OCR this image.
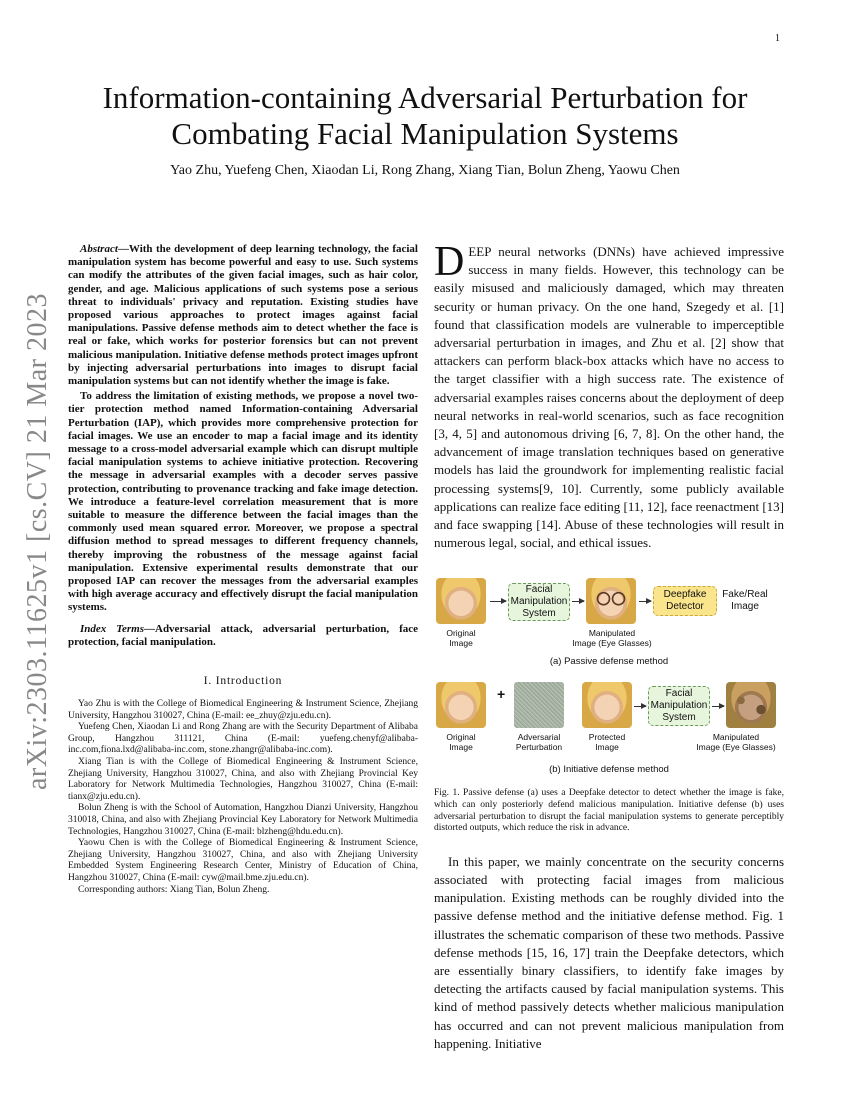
1
arXiv:2303.11625v1 [cs.CV] 21 Mar 2023
Information-containing Adversarial Perturbation for
Combating Facial Manipulation Systems
Yao Zhu, Yuefeng Chen, Xiaodan Li, Rong Zhang, Xiang Tian, Bolun Zheng, Yaowu Chen

Abstract—With the development of deep learning technology, the facial manipulation system has become powerful and easy to use. Such systems can modify the attributes of the given facial images, such as hair color, gender, and age. Malicious applications of such systems pose a serious threat to individuals' privacy and reputation. Existing studies have proposed various approaches to protect images against facial manipulations. Passive defense methods aim to detect whether the face is real or fake, which works for posterior forensics but can not prevent malicious manipulation. Initiative defense methods protect images upfront by injecting adversarial perturbations into images to disrupt facial manipulation systems but can not identify whether the image is fake.

To address the limitation of existing methods, we propose a novel two-tier protection method named Information-containing Adversarial Perturbation (IAP), which provides more comprehensive protection for facial images. We use an encoder to map a facial image and its identity message to a cross-model adversarial example which can disrupt multiple facial manipulation systems to achieve initiative protection. Recovering the message in adversarial examples with a decoder serves passive protection, contributing to provenance tracking and fake image detection. We introduce a feature-level correlation measurement that is more suitable to measure the difference between the facial images than the commonly used mean squared error. Moreover, we propose a spectral diffusion method to spread messages to different frequency channels, thereby improving the robustness of the message against facial manipulation. Extensive experimental results demonstrate that our proposed IAP can recover the messages from the adversarial examples with high average accuracy and effectively disrupt the facial manipulation systems.

Index Terms—Adversarial attack, adversarial perturbation, face protection, facial manipulation.
I. Introduction

Yao Zhu is with the College of Biomedical Engineering & Instrument Science, Zhejiang University, Hangzhou 310027, China (E-mail: ee_zhuy@zju.edu.cn).

Yuefeng Chen, Xiaodan Li and Rong Zhang are with the Security Department of Alibaba Group, Hangzhou 311121, China (E-mail: yuefeng.chenyf@alibaba-inc.com,fiona.lxd@alibaba-inc.com, stone.zhangr@alibaba-inc.com).

Xiang Tian is with the College of Biomedical Engineering & Instrument Science, Zhejiang University, Hangzhou 310027, China, and also with Zhejiang Provincial Key Laboratory for Network Multimedia Technologies, Hangzhou 310027, China (E-mail: tianx@zju.edu.cn).

Bolun Zheng is with the School of Automation, Hangzhou Dianzi University, Hangzhou 310018, China, and also with Zhejiang Provincial Key Laboratory for Network Multimedia Technologies, Hangzhou 310027, China (E-mail: blzheng@hdu.edu.cn).

Yaowu Chen is with the College of Biomedical Engineering & Instrument Science, Zhejiang University, Hangzhou 310027, China, and also with Zhejiang University Embedded System Engineering Research Center, Ministry of Education of China, Hangzhou 310027, China (E-mail: cyw@mail.bme.zju.edu.cn).

Corresponding authors: Xiang Tian, Bolun Zheng.

DEEP neural networks (DNNs) have achieved impressive success in many fields. However, this technology can be easily misused and maliciously damaged, which may threaten security or human privacy. On the one hand, Szegedy et al. [1] found that classification models are vulnerable to imperceptible adversarial perturbation in images, and Zhu et al. [2] show that attackers can perform black-box attacks which have no access to the target classifier with a high success rate. The existence of adversarial examples raises concerns about the deployment of deep neural networks in real-world scenarios, such as face recognition [3, 4, 5] and autonomous driving [6, 7, 8]. On the other hand, the advancement of image translation techniques based on generative models has laid the groundwork for implementing realistic facial processing systems[9, 10]. Currently, some publicly available applications can realize face editing [11, 12], face reenactment [13] and face swapping [14]. Abuse of these technologies will result in numerous legal, social, and ethical issues.

Original
Image
Facial
Manipulation
System
Manipulated
Image (Eye Glasses)
Deepfake
Detector
Fake/Real
Image
(a) Passive defense method
Original
Image
+
Adversarial
Perturbation
Protected
Image
Facial
Manipulation
System
Manipulated
Image (Eye Glasses)
(b) Initiative defense method
Fig. 1. Passive defense (a) uses a Deepfake detector to detect whether the image is fake, which can only posteriorly defend malicious manipulation. Initiative defense (b) uses adversarial perturbation to disrupt the facial manipulation systems to generate perceptibly distorted outputs, which reduce the risk in advance.

In this paper, we mainly concentrate on the security concerns associated with protecting facial images from malicious manipulation. Existing methods can be roughly divided into the passive defense method and the initiative defense method. Fig. 1 illustrates the schematic comparison of these two methods. Passive defense methods [15, 16, 17] train the Deepfake detectors, which are essentially binary classifiers, to identify fake images by detecting the artifacts caused by facial manipulation systems. This kind of method passively detects whether malicious manipulation has occurred and can not prevent malicious manipulation from happening. Initiative
